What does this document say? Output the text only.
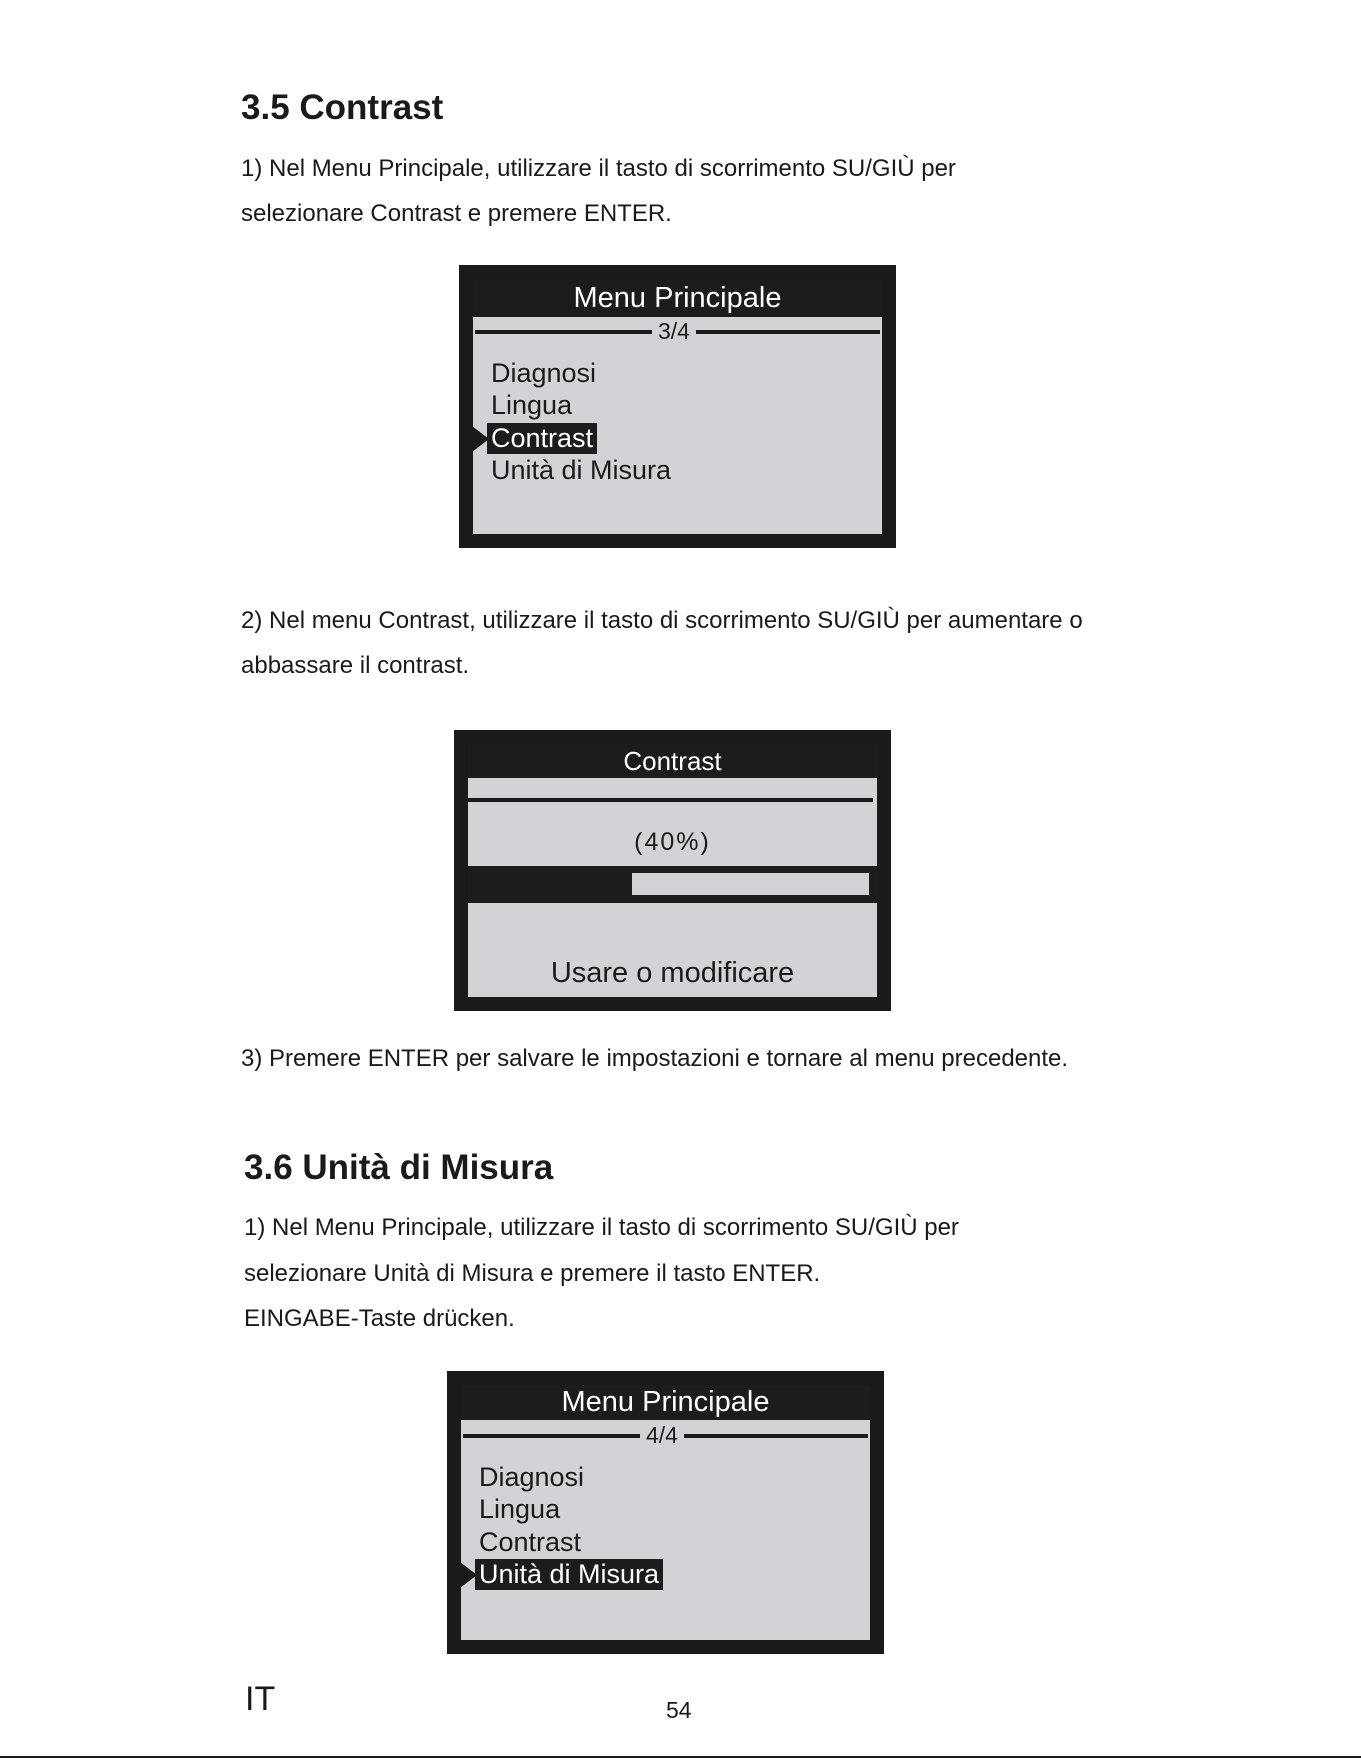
3.5 Contrast
1) Nel Menu Principale, utilizzare il tasto di scorrimento SU/GIÙ per
selezionare Contrast e premere ENTER.
Menu Principale
3/4
Diagnosi
Lingua
Contrast
Unità di Misura
2) Nel menu Contrast, utilizzare il tasto di scorrimento SU/GIÙ per aumentare o
abbassare il contrast.
Contrast
(40%)
Usare o modificare
3) Premere ENTER per salvare le impostazioni e tornare al menu precedente.
3.6 Unità di Misura
1) Nel Menu Principale, utilizzare il tasto di scorrimento SU/GIÙ per
selezionare Unità di Misura e premere il tasto ENTER.
EINGABE-Taste drücken.
Menu Principale
4/4
Diagnosi
Lingua
Contrast
Unità di Misura
IT	54
